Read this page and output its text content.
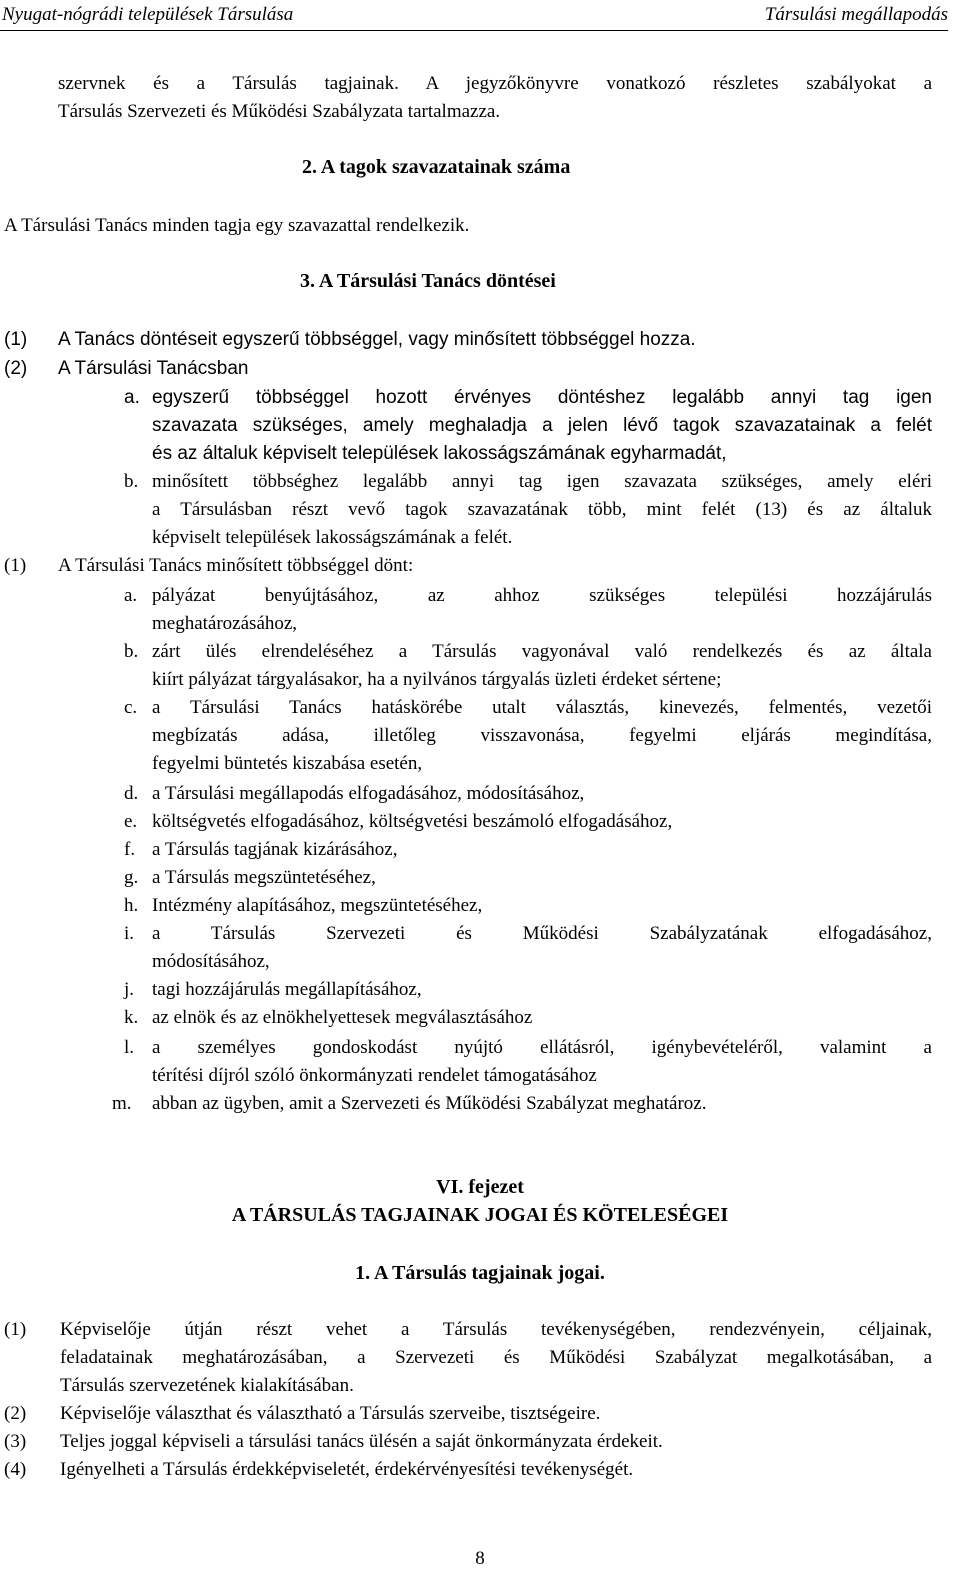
Nyugat-nógrádi települések Társulása	Társulási megállapodás
szervnek és a Társulás tagjainak. A jegyzőkönyvre vonatkozó részletes szabályokat a
Társulás Szervezeti és Működési Szabályzata tartalmazza.
2. A tagok szavazatainak száma
A Társulási Tanács minden tagja egy szavazattal rendelkezik.
3. A Társulási Tanács döntései
(1) A Tanács döntéseit egyszerű többséggel, vagy minősített többséggel hozza.
(2) A Társulási Tanácsban
a. egyszerű többséggel hozott érvényes döntéshez legalább annyi tag igen
szavazata szükséges, amely meghaladja a jelen lévő tagok szavazatainak a felét
és az általuk képviselt települések lakosságszámának egyharmadát,
b. minősített többséghez legalább annyi tag igen szavazata szükséges, amely eléri
a Társulásban részt vevő tagok szavazatának több, mint felét (13) és az általuk
képviselt települések lakosságszámának a felét.
(1) A Társulási Tanács minősített többséggel dönt:
a. pályázat benyújtásához, az ahhoz szükséges települési hozzájárulás
meghatározásához,
b. zárt ülés elrendeléséhez a Társulás vagyonával való rendelkezés és az általa
kiírt pályázat tárgyalásakor, ha a nyilvános tárgyalás üzleti érdeket sértene;
c. a Társulási Tanács hatáskörébe utalt választás, kinevezés, felmentés, vezetői
megbízatás adása, illetőleg visszavonása, fegyelmi eljárás megindítása,
fegyelmi büntetés kiszabása esetén,
d. a Társulási megállapodás elfogadásához, módosításához,
e. költségvetés elfogadásához, költségvetési beszámoló elfogadásához,
f. a Társulás tagjának kizárásához,
g. a Társulás megszüntetéséhez,
h. Intézmény alapításához, megszüntetéséhez,
i. a Társulás Szervezeti és Működési Szabályzatának elfogadásához,
módosításához,
j. tagi hozzájárulás megállapításához,
k. az elnök és az elnökhelyettesek megválasztásához
l. a személyes gondoskodást nyújtó ellátásról, igénybevételéről, valamint a
térítési díjról szóló önkormányzati rendelet támogatásához
m. abban az ügyben, amit a Szervezeti és Működési Szabályzat meghatároz.
VI. fejezet
A TÁRSULÁS TAGJAINAK JOGAI ÉS KÖTELESÉGEI
1. A Társulás tagjainak jogai.
(1) Képviselője útján részt vehet a Társulás tevékenységében, rendezvényein, céljainak,
feladatainak meghatározásában, a Szervezeti és Működési Szabályzat megalkotásában, a
Társulás szervezetének kialakításában.
(2) Képviselője választhat és választható a Társulás szerveibe, tisztségeire.
(3) Teljes joggal képviseli a társulási tanács ülésén a saját önkormányzata érdekeit.
(4) Igényelheti a Társulás érdekképviseletét, érdekérvényesítési tevékenységét.
8
